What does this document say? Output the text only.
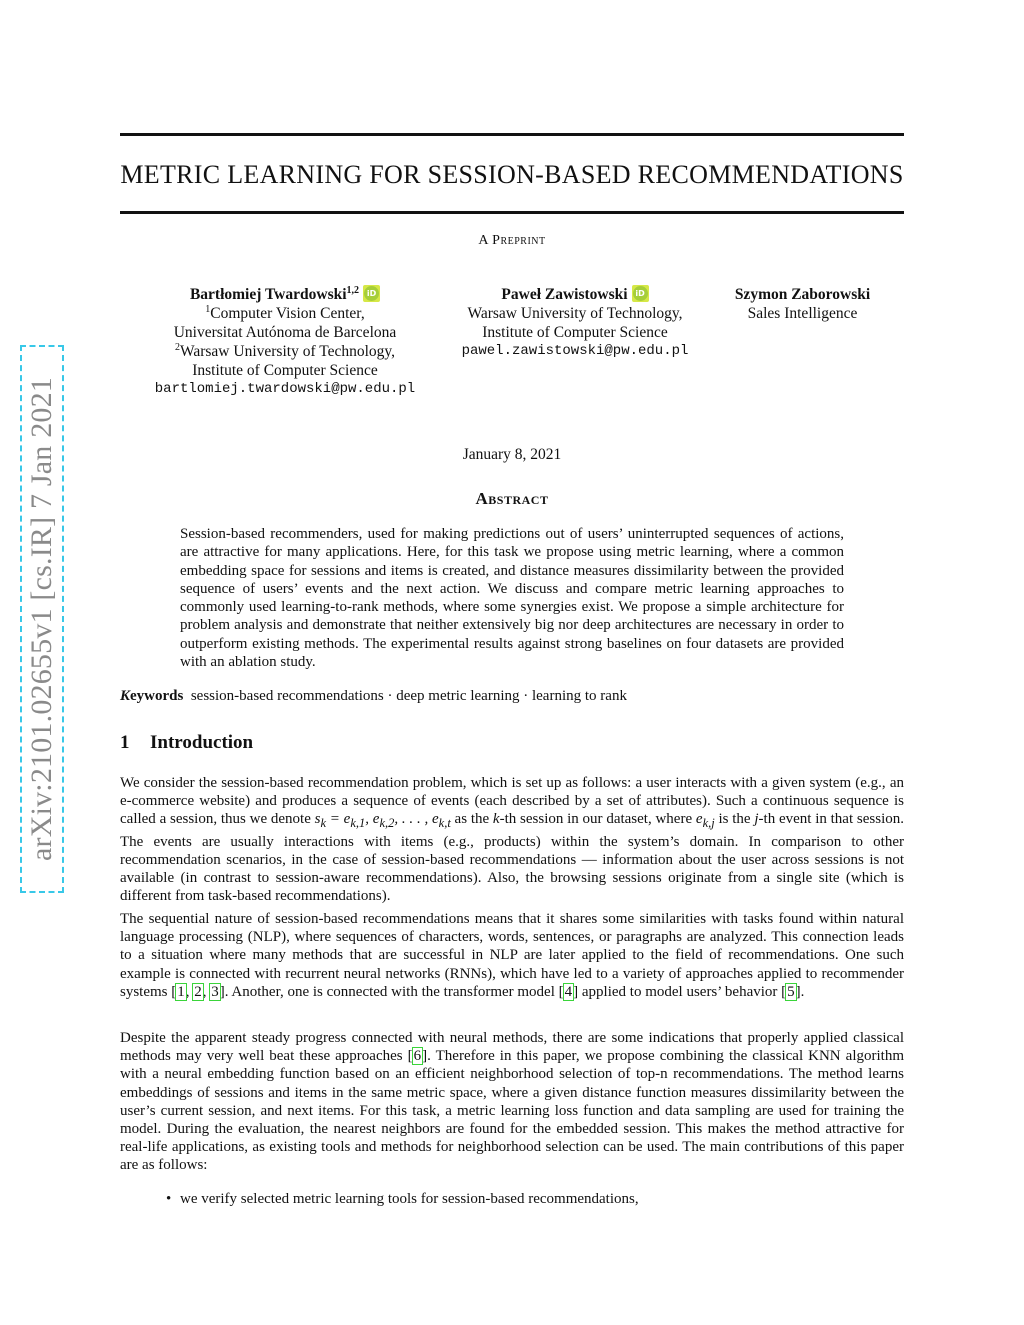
arXiv:2101.02655v1 [cs.IR] 7 Jan 2021
METRIC LEARNING FOR SESSION-BASED RECOMMENDATIONS
A Preprint
Bartłomiej Twardowski$^{1,2}$iD
$^1$Computer Vision Center,
Universitat Autónoma de Barcelona
$^2$Warsaw University of Technology,
Institute of Computer Science
bartlomiej.twardowski@pw.edu.pl
Paweł ZawistowskiiD
Warsaw University of Technology,
Institute of Computer Science
pawel.zawistowski@pw.edu.pl
Szymon Zaborowski
Sales Intelligence
January 8, 2021
Abstract
Session-based recommenders, used for making predictions out of users’ uninterrupted sequences of actions, are attractive for many applications. Here, for this task we propose using metric learning, where a common embedding space for sessions and items is created, and distance measures dissimilarity between the provided sequence of users’ events and the next action. We discuss and compare metric learning approaches to commonly used learning-to-rank methods, where some synergies exist. We propose a simple architecture for problem analysis and demonstrate that neither extensively big nor deep architectures are necessary in order to outperform existing methods. The experimental results against strong baselines on four datasets are provided with an ablation study.
Keywords session-based recommendations · deep metric learning · learning to rank
1 Introduction
We consider the session-based recommendation problem, which is set up as follows: a user interacts with a given system (e.g., an e-commerce website) and produces a sequence of events (each described by a set of attributes). Such a continuous sequence is called a session, thus we denote $s_k = e_{k,1}$, $e_{k,2}$, . . . , $e_{k,t}$ as the k-th session in our dataset, where $e_{k,j}$ is the j-th event in that session. The events are usually interactions with items (e.g., products) within the system’s domain. In comparison to other recommendation scenarios, in the case of session-based recommendations — information about the user across sessions is not available (in contrast to session-aware recommendations). Also, the browsing sessions originate from a single site (which is different from task-based recommendations).
The sequential nature of session-based recommendations means that it shares some similarities with tasks found within natural language processing (NLP), where sequences of characters, words, sentences, or paragraphs are analyzed. This connection leads to a situation where many methods that are successful in NLP are later applied to the field of recommendations. One such example is connected with recurrent neural networks (RNNs), which have led to a variety of approaches applied to recommender systems [1, 2, 3]. Another, one is connected with the transformer model [4] applied to model users’ behavior [5].
Despite the apparent steady progress connected with neural methods, there are some indications that properly applied classical methods may very well beat these approaches [6]. Therefore in this paper, we propose combining the classical KNN algorithm with a neural embedding function based on an efficient neighborhood selection of top-n recommendations. The method learns embeddings of sessions and items in the same metric space, where a given distance function measures dissimilarity between the user’s current session, and next items. For this task, a metric learning loss function and data sampling are used for training the model. During the evaluation, the nearest neighbors are found for the embedded session. This makes the method attractive for real-life applications, as existing tools and methods for neighborhood selection can be used. The main contributions of this paper are as follows:
• we verify selected metric learning tools for session-based recommendations,
